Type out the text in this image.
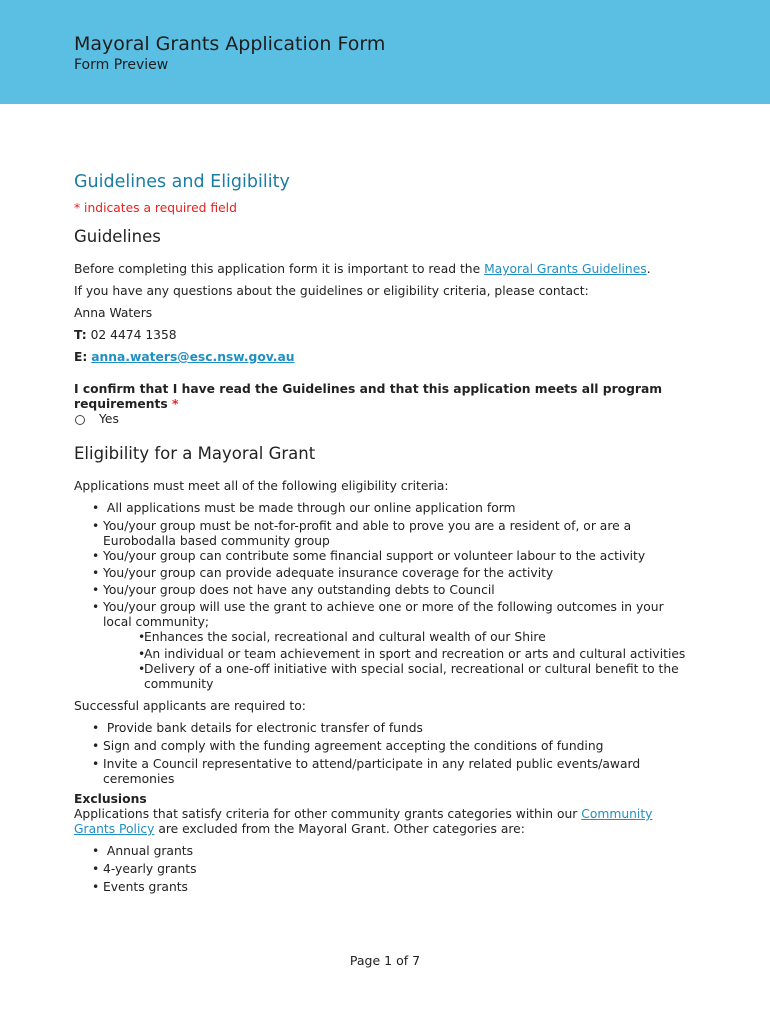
Mayoral Grants Application Form
Form Preview
Guidelines and Eligibility
* indicates a required field
Guidelines

Before completing this application form it is important to read the Mayoral Grants Guidelines.

If you have any questions about the guidelines or eligibility criteria, please contact:

Anna Waters

T: 02 4474 1358

E: anna.waters@esc.nsw.gov.au

I confirm that I have read the Guidelines and that this application meets all program requirements *

Yes
Eligibility for a Mayoral Grant

Applications must meet all of the following eligibility criteria:

• All applications must be made through our online application form
• You/your group must be not-for-profit and able to prove you are a resident of, or are a Eurobodalla based community group
• You/your group can contribute some financial support or volunteer labour to the activity
• You/your group can provide adequate insurance coverage for the activity
• You/your group does not have any outstanding debts to Council
• You/your group will use the grant to achieve one or more of the following outcomes in your local community;
• Enhances the social, recreational and cultural wealth of our Shire
• An individual or team achievement in sport and recreation or arts and cultural activities
• Delivery of a one-off initiative with special social, recreational or cultural benefit to the community

Successful applicants are required to:

• Provide bank details for electronic transfer of funds
• Sign and comply with the funding agreement accepting the conditions of funding
• Invite a Council representative to attend/participate in any related public events/award ceremonies

Exclusions

Applications that satisfy criteria for other community grants categories within our Community Grants Policy are excluded from the Mayoral Grant. Other categories are:

• Annual grants
• 4-yearly grants
• Events grants
Page 1 of 7
